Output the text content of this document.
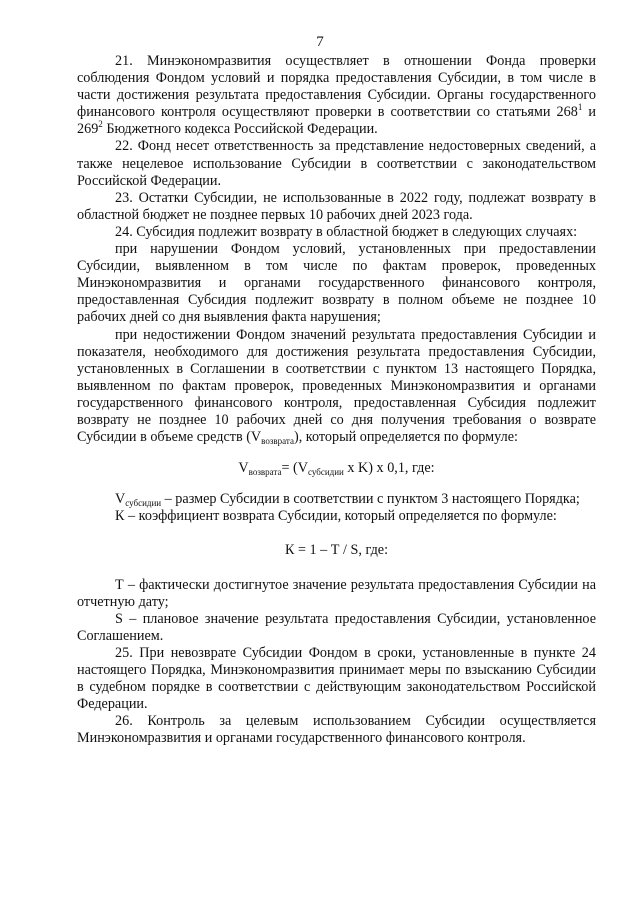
7

21. Минэкономразвития осуществляет в отношении Фонда проверки соблюдения Фондом условий и порядка предоставления Субсидии, в том числе в части достижения результата предоставления Субсидии. Органы государственного финансового контроля осуществляют проверки в соответствии со статьями $268^1$ и $269^2$ Бюджетного кодекса Российской Федерации.

22. Фонд несет ответственность за представление недостоверных сведений, а также нецелевое использование Субсидии в соответствии с законодательством Российской Федерации.

23. Остатки Субсидии, не использованные в 2022 году, подлежат возврату в областной бюджет не позднее первых 10 рабочих дней 2023 года.

24. Субсидия подлежит возврату в областной бюджет в следующих случаях:

при нарушении Фондом условий, установленных при предоставлении Субсидии, выявленном в том числе по фактам проверок, проведенных Минэкономразвития и органами государственного финансового контроля, предоставленная Субсидия подлежит возврату в полном объеме не позднее 10 рабочих дней со дня выявления факта нарушения;

при недостижении Фондом значений результата предоставления Субсидии и показателя, необходимого для достижения результата предоставления Субсидии, установленных в Соглашении в соответствии с пунктом 13 настоящего Порядка, выявленном по фактам проверок, проведенных Минэкономразвития и органами государственного финансового контроля, предоставленная Субсидия подлежит возврату не позднее 10 рабочих дней со дня получения требования о возврате Субсидии в объеме средств $(V_{возврата})$, который определяется по формуле:

$V_{возврата}= (V_{субсидии}$ x K) x 0,1, где:

$V_{субсидии}$ – размер Субсидии в соответствии с пунктом 3 настоящего Порядка;

К – коэффициент возврата Субсидии, который определяется по формуле:

К = 1 – Т / S, где:

Т – фактически достигнутое значение результата предоставления Субсидии на отчетную дату;

S – плановое значение результата предоставления Субсидии, установленное Соглашением.

25. При невозврате Субсидии Фондом в сроки, установленные в пункте 24 настоящего Порядка, Минэкономразвития принимает меры по взысканию Субсидии в судебном порядке в соответствии с действующим законодательством Российской Федерации.

26. Контроль за целевым использованием Субсидии осуществляется Минэкономразвития и органами государственного финансового контроля.
